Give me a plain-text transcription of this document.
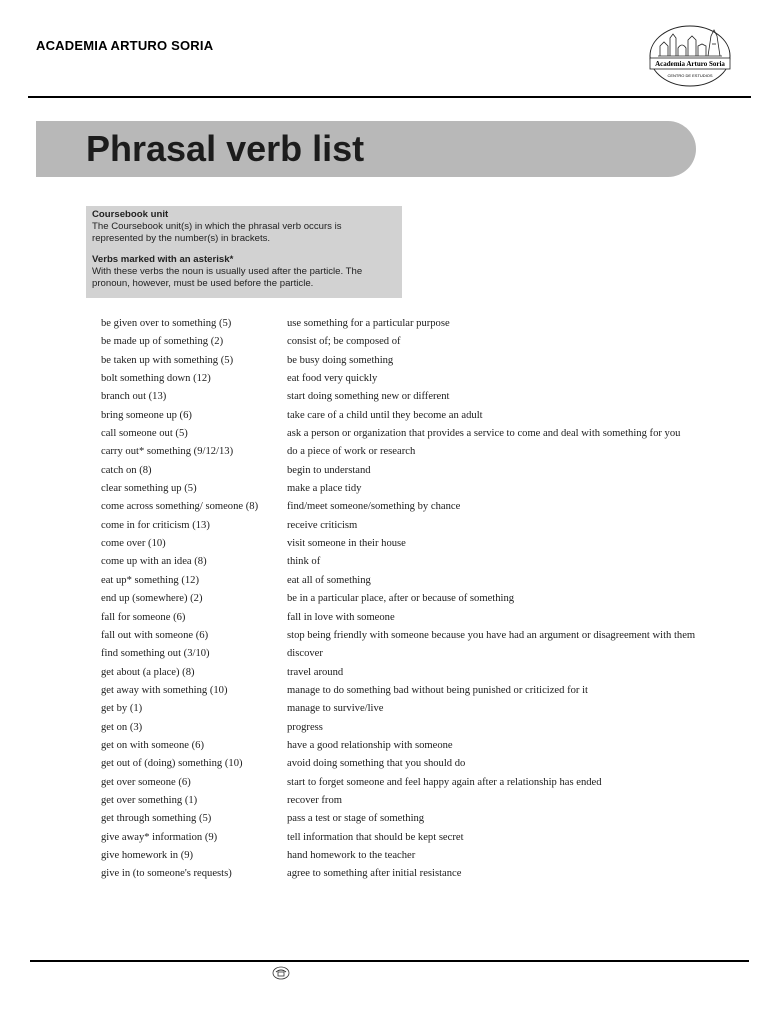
ACADEMIA ARTURO SORIA
Academia Arturo Soria
CENTRO DE ESTUDIOS
Phrasal verb list
Coursebook unit
The Coursebook unit(s) in which the phrasal verb occurs is
represented by the number(s) in brackets.
Verbs marked with an asterisk*
With these verbs the noun is usually used after the particle. The
pronoun, however, must be used before the particle.
be given over to something (5)	use something for a particular purpose
be made up of something (2)	consist of; be composed of
be taken up with something (5)	be busy doing something
bolt something down (12)	eat food very quickly
branch out (13)	start doing something new or different
bring someone up (6)	take care of a child until they become an adult
call someone out (5)	ask a person or organization that provides a service to come and deal with something for you
carry out* something (9/12/13)	do a piece of work or research
catch on (8)	begin to understand
clear something up (5)	make a place tidy
come across something/ someone (8)	find/meet someone/something by chance
come in for criticism (13)	receive criticism
come over (10)	visit someone in their house
come up with an idea (8)	think of
eat up* something (12)	eat all of something
end up (somewhere) (2)	be in a particular place, after or because of something
fall for someone (6)	fall in love with someone
fall out with someone (6)	stop being friendly with someone because you have had an argument or disagreement with them
find something out (3/10)	discover
get about (a place) (8)	travel around
get away with something (10)	manage to do something bad without being punished or criticized for it
get by (1)	manage to survive/live
get on (3)	progress
get on with someone (6)	have a good relationship with someone
get out of (doing) something (10)	avoid doing something that you should do
get over someone (6)	start to forget someone and feel happy again after a relationship has ended
get over something (1)	recover from
get through something (5)	pass a test or stage of something
give away* information (9)	tell information that should be kept secret
give homework in (9)	hand homework to the teacher
give in (to someone's requests)	agree to something after initial resistance
